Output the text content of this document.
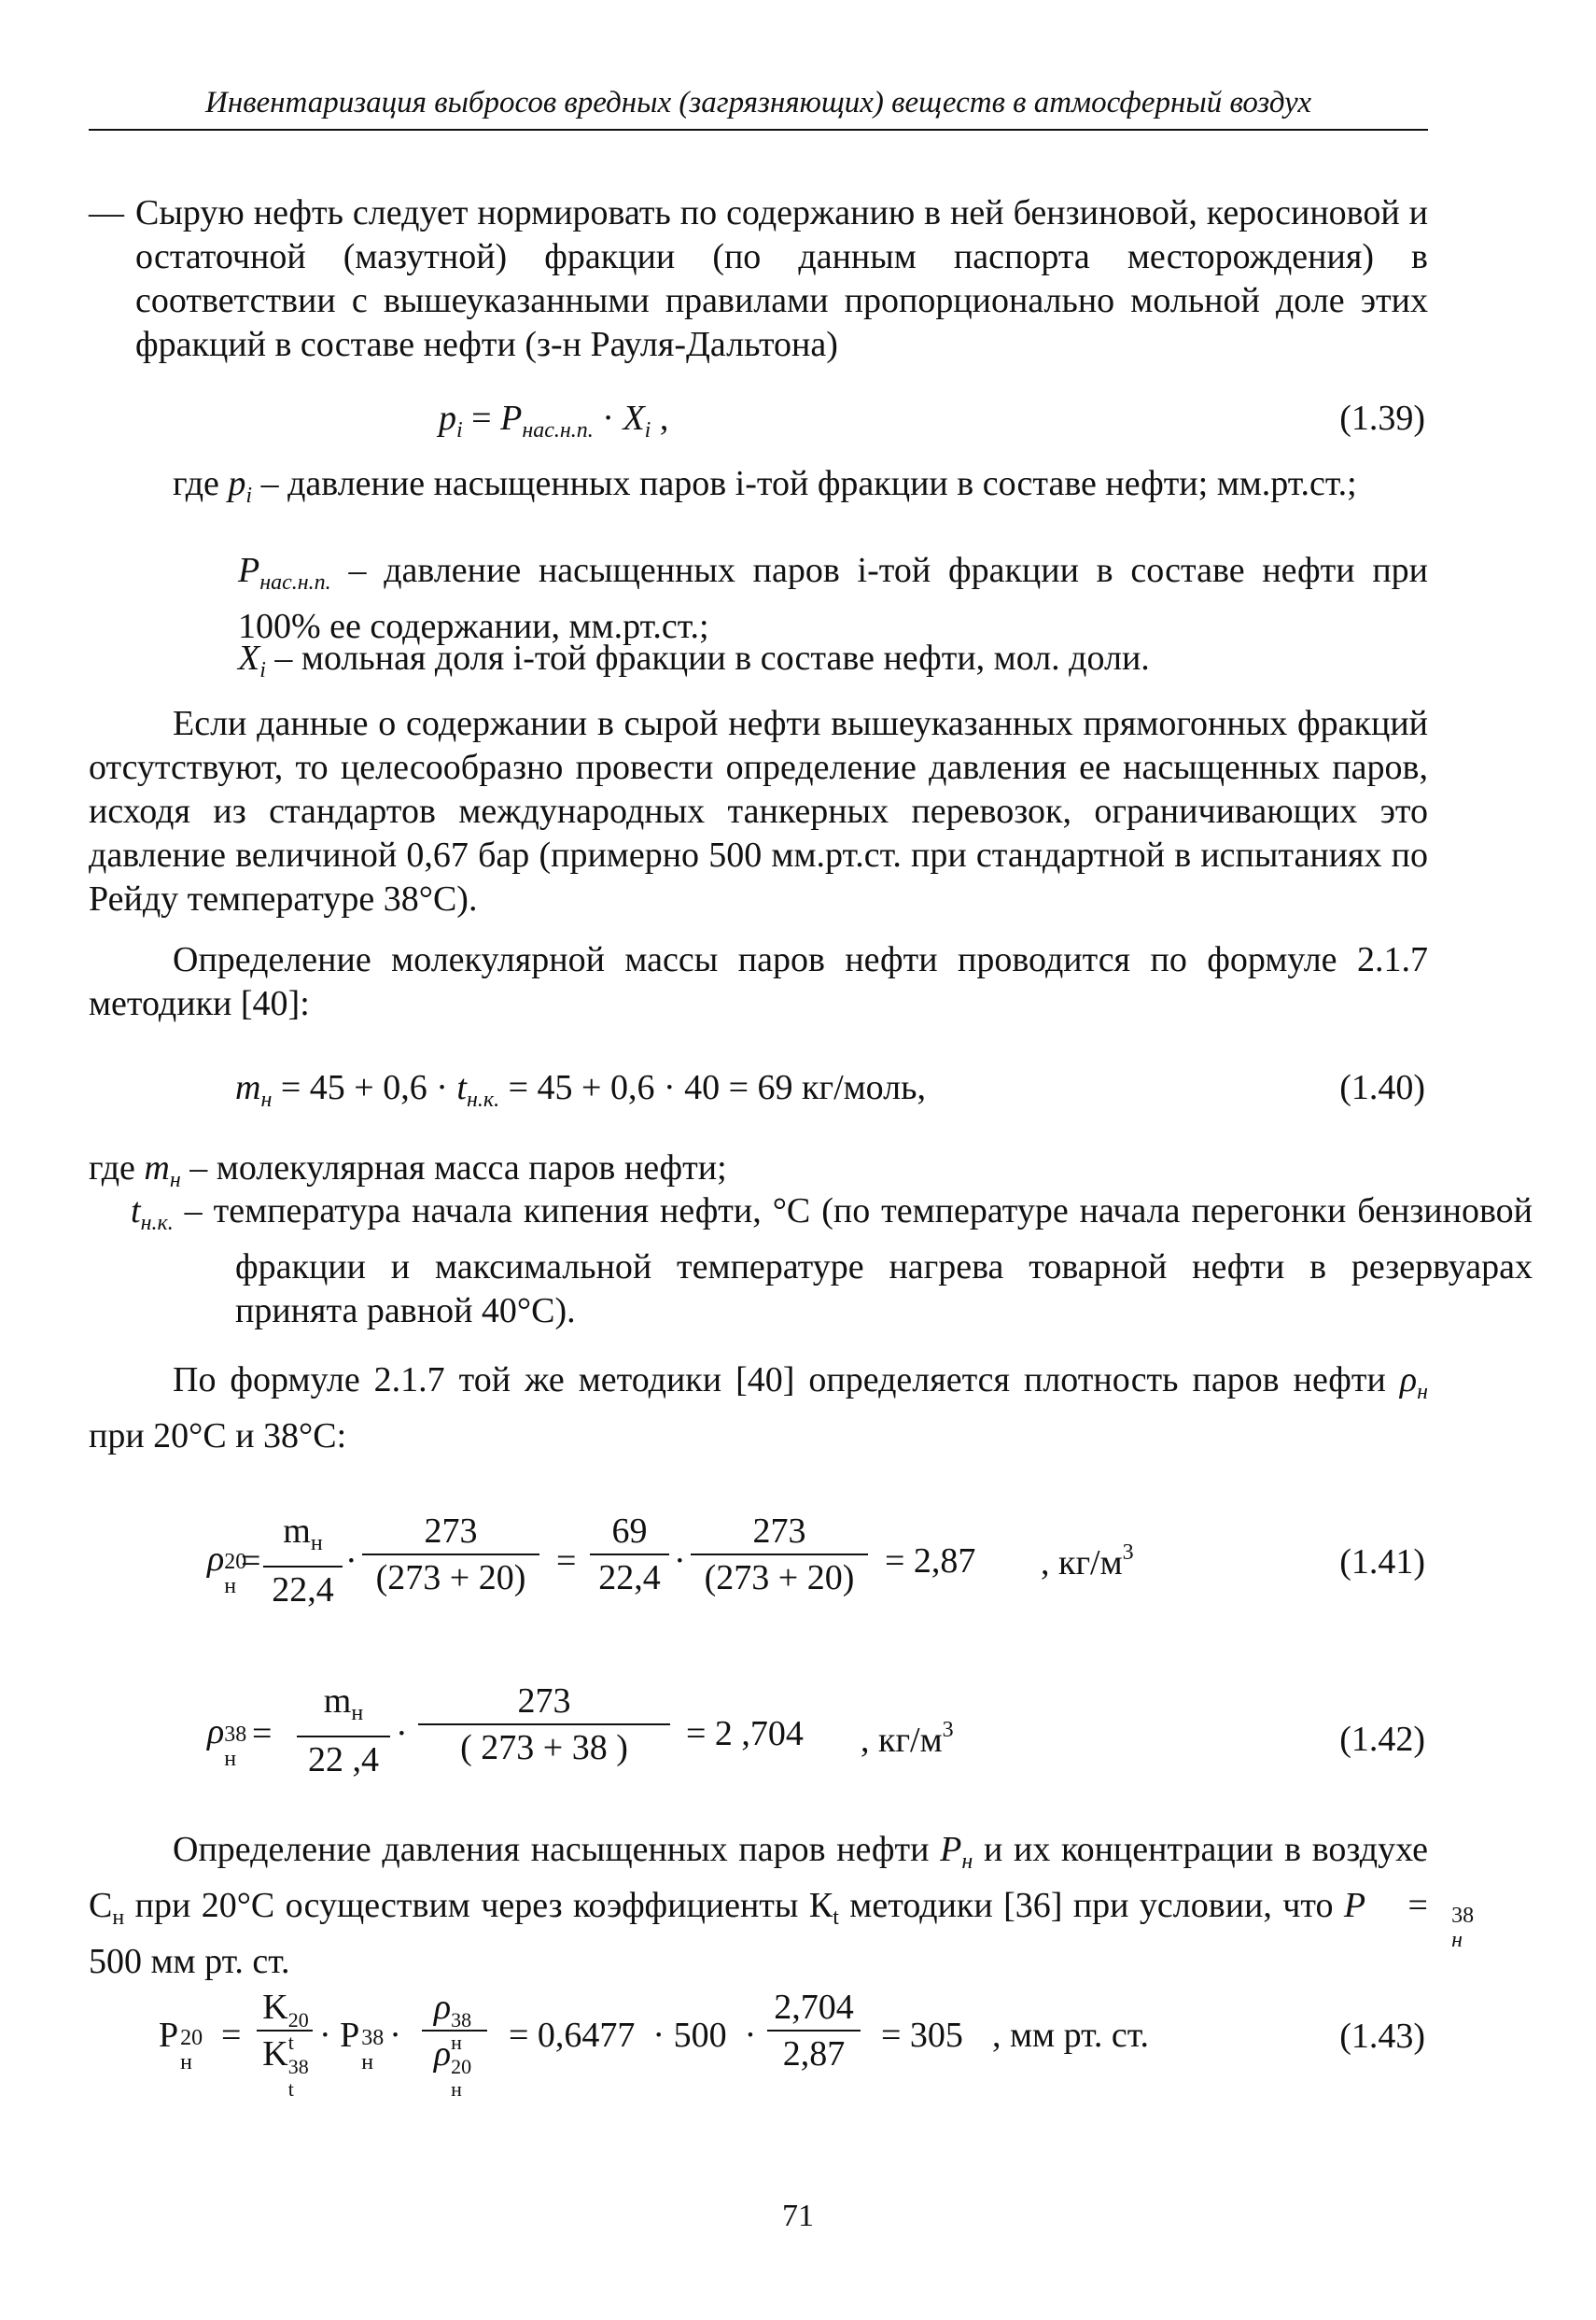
Инвентаризация выбросов вредных (загрязняющих) веществ в атмосферный воздух
— Сырую нефть следует нормировать по содержанию в ней бензиновой, керосиновой и остаточной (мазутной) фракции (по данным паспорта месторождения) в соответствии с вышеуказанными правилами пропорционально мольной доле этих фракций в составе нефти (з-н Рауля-Дальтона)
$p_i = P_{нас.н.п.} \cdot X_i$ ,	(1.39)
где $p_i$ – давление насыщенных паров i-той фракции в составе нефти; мм.рт.ст.;
$P_{нас.н.п.}$ – давление насыщенных паров i-той фракции в составе нефти при 100% ее содержании, мм.рт.ст.;
$X_i$ – мольная доля i-той фракции в составе нефти, мол. доли.
Если данные о содержании в сырой нефти вышеуказанных прямогонных фракций отсутствуют, то целесообразно провести определение давления ее насыщенных паров, исходя из стандартов международных танкерных перевозок, ограничивающих это давление величиной 0,67 бар (примерно 500 мм.рт.ст. при стандартной в испытаниях по Рейду температуре 38°С).
Определение молекулярной массы паров нефти проводится по формуле 2.1.7 методики [40]:
$m_н = 45 + 0,6 \cdot t_{н.к.} = 45 + 0,6 \cdot 40 = 69$ кг/моль,	(1.40)
где $m_н$ – молекулярная масса паров нефти;
$t_{н.к.}$ – температура начала кипения нефти, °С (по температуре начала перегонки бензиновой фракции и максимальной температуре нагрева товарной нефти в резервуарах принята равной 40°С).
По формуле 2.1.7 той же методики [40] определяется плотность паров нефти $\rho_н$ при 20°С и 38°С:
ρ 20
н
=
$m_н$
22,4
·
273
(273 + 20) =
69
22,4 ·
273
(273 + 20) = 2,87 , $кг/м^3$	(1.41)
ρ 38
н
=
$m_н$
22 ,4
·
273
( 273 + 38 )	= 2 ,704 , $кг/м^3$	(1.42)
Определение давления насыщенных паров нефти $P_н$ и их концентрации в воздухе $С_н$ при 20°С осуществим через коэффициенты $К_t$ методики [36] при условии, что P	38
н
= 500 мм рт. ст.
P 20
н
=
K 20
t
K 38
t
· P 38
н
·
ρ 38
н
ρ 20
н
= 0,6477  · 500  ·
2,704
2,87	= 305 , мм рт. ст.	(1.43)
71
